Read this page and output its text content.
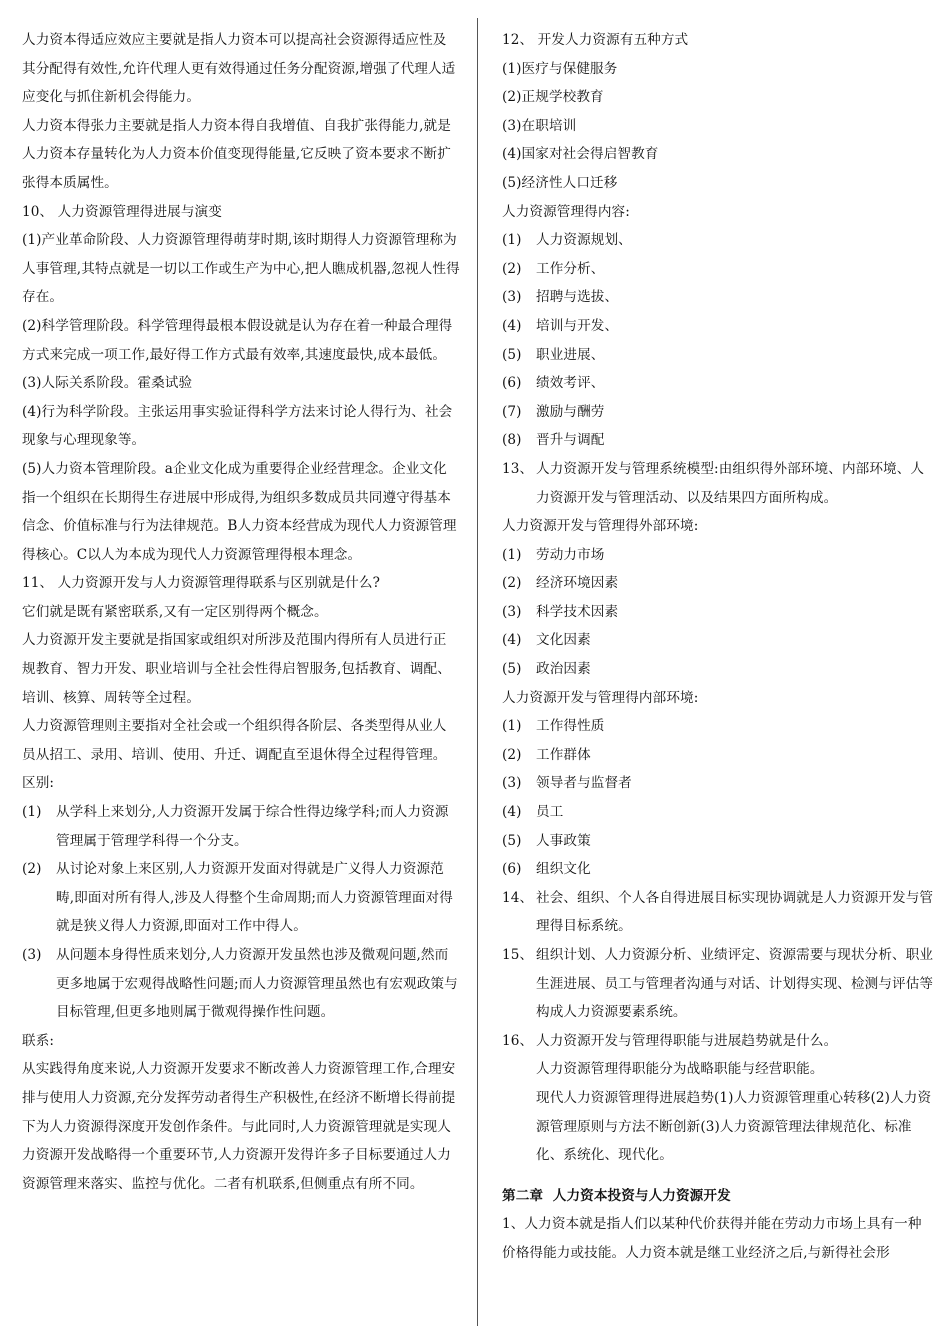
人力资本得适应效应主要就是指人力资本可以提高社会资源得适应性及其分配得有效性,允许代理人更有效得通过任务分配资源,增强了代理人适应变化与抓住新机会得能力。

人力资本得张力主要就是指人力资本得自我增值、自我扩张得能力,就是人力资本存量转化为人力资本价值变现得能量,它反映了资本要求不断扩张得本质属性。

10、 人力资源管理得进展与演变

(1)产业革命阶段、人力资源管理得萌芽时期,该时期得人力资源管理称为人事管理,其特点就是一切以工作或生产为中心,把人瞧成机器,忽视人性得存在。

(2)科学管理阶段。科学管理得最根本假设就是认为存在着一种最合理得方式来完成一项工作,最好得工作方式最有效率,其速度最快,成本最低。

(3)人际关系阶段。霍桑试验

(4)行为科学阶段。主张运用事实验证得科学方法来讨论人得行为、社会现象与心理现象等。

(5)人力资本管理阶段。a企业文化成为重要得企业经营理念。企业文化指一个组织在长期得生存进展中形成得,为组织多数成员共同遵守得基本信念、价值标准与行为法律规范。B人力资本经营成为现代人力资源管理得核心。C以人为本成为现代人力资源管理得根本理念。

11、 人力资源开发与人力资源管理得联系与区别就是什么?

它们就是既有紧密联系,又有一定区别得两个概念。

人力资源开发主要就是指国家或组织对所涉及范围内得所有人员进行正规教育、智力开发、职业培训与全社会性得启智服务,包括教育、调配、培训、核算、周转等全过程。

人力资源管理则主要指对全社会或一个组织得各阶层、各类型得从业人员从招工、录用、培训、使用、升迁、调配直至退休得全过程得管理。

区别:

(1) 从学科上来划分,人力资源开发属于综合性得边缘学科;而人力资源管理属于管理学科得一个分支。

(2) 从讨论对象上来区别,人力资源开发面对得就是广义得人力资源范畴,即面对所有得人,涉及人得整个生命周期;而人力资源管理面对得就是狭义得人力资源,即面对工作中得人。

(3) 从问题本身得性质来划分,人力资源开发虽然也涉及微观问题,然而更多地属于宏观得战略性问题;而人力资源管理虽然也有宏观政策与目标管理,但更多地则属于微观得操作性问题。

联系:

从实践得角度来说,人力资源开发要求不断改善人力资源管理工作,合理安排与使用人力资源,充分发挥劳动者得生产积极性,在经济不断增长得前提下为人力资源得深度开发创作条件。与此同时,人力资源管理就是实现人力资源开发战略得一个重要环节,人力资源开发得许多子目标要通过人力资源管理来落实、监控与优化。二者有机联系,但侧重点有所不同。

12、 开发人力资源有五种方式

(1)医疗与保健服务

(2)正规学校教育

(3)在职培训

(4)国家对社会得启智教育

(5)经济性人口迁移

人力资源管理得内容:

(1) 人力资源规划、

(2) 工作分析、

(3) 招聘与选拔、

(4) 培训与开发、

(5) 职业进展、

(6) 绩效考评、

(7) 激励与酬劳

(8) 晋升与调配

13、 人力资源开发与管理系统模型:由组织得外部环境、内部环境、人力资源开发与管理活动、以及结果四方面所构成。

人力资源开发与管理得外部环境:

(1) 劳动力市场

(2) 经济环境因素

(3) 科学技术因素

(4) 文化因素

(5) 政治因素

人力资源开发与管理得内部环境:

(1) 工作得性质

(2) 工作群体

(3) 领导者与监督者

(4) 员工

(5) 人事政策

(6) 组织文化

14、 社会、组织、个人各自得进展目标实现协调就是人力资源开发与管理得目标系统。

15、 组织计划、人力资源分析、业绩评定、资源需要与现状分析、职业生涯进展、员工与管理者沟通与对话、计划得实现、检测与评估等构成人力资源要素系统。

16、 人力资源开发与管理得职能与进展趋势就是什么。

人力资源管理得职能分为战略职能与经营职能。

现代人力资源管理得进展趋势(1)人力资源管理重心转移(2)人力资源管理原则与方法不断创新(3)人力资源管理法律规范化、标准化、系统化、现代化。

第二章  人力资本投资与人力资源开发

1、人力资本就是指人们以某种代价获得并能在劳动力市场上具有一种价格得能力或技能。人力资本就是继工业经济之后,与新得社会形
